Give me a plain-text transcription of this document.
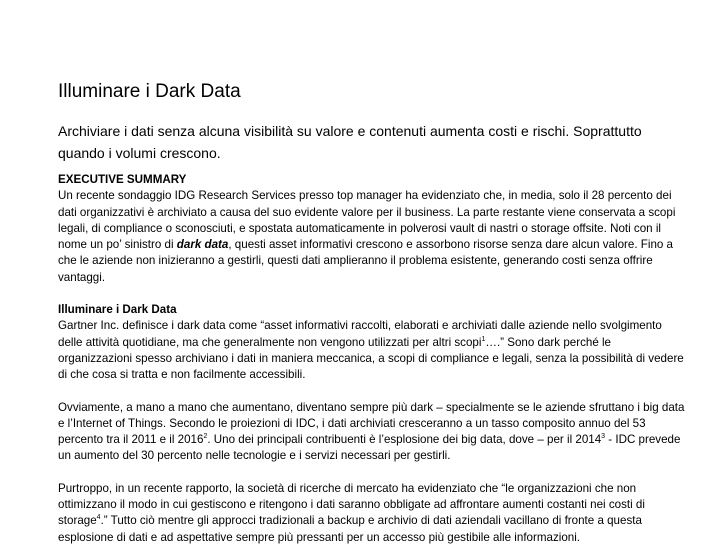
Illuminare i Dark Data
Archiviare i dati senza alcuna visibilità su valore e contenuti aumenta costi e rischi. Soprattutto quando i volumi crescono.
EXECUTIVE SUMMARY

Un recente sondaggio IDG Research Services presso top manager ha evidenziato che, in media, solo il 28 percento dei dati organizzativi è archiviato a causa del suo evidente valore per il business. La parte restante viene conservata a scopi legali, di compliance o sconosciuti, e spostata automaticamente in polverosi vault di nastri o storage offsite. Noti con il nome un po’ sinistro di dark data, questi asset informativi crescono e assorbono risorse senza dare alcun valore. Fino a che le aziende non inizieranno a gestirli, questi dati amplieranno il problema esistente, generando costi senza offrire vantaggi.

Illuminare i Dark Data

Gartner Inc. definisce i dark data come “asset informativi raccolti, elaborati e archiviati dalle aziende nello svolgimento delle attività quotidiane, ma che generalmente non vengono utilizzati per altri scopi$^1$….” Sono dark perché le organizzazioni spesso archiviano i dati in maniera meccanica, a scopi di compliance e legali, senza la possibilità di vedere di che cosa si tratta e non facilmente accessibili.

Ovviamente, a mano a mano che aumentano, diventano sempre più dark – specialmente se le aziende sfruttano i big data e l’Internet of Things. Secondo le proiezioni di IDC, i dati archiviati cresceranno a un tasso composito annuo del 53 percento tra il 2011 e il 2016$^2$. Uno dei principali contribuenti è l’esplosione dei big data, dove – per il 2014$^3$ - IDC prevede un aumento del 30 percento nelle tecnologie e i servizi necessari per gestirli.

Purtroppo, in un recente rapporto, la società di ricerche di mercato ha evidenziato che “le organizzazioni che non ottimizzano il modo in cui gestiscono e ritengono i dati saranno obbligate ad affrontare aumenti costanti nei costi di storage$^4$.” Tutto ciò mentre gli approcci tradizionali a backup e archivio di dati aziendali vacillano di fronte a questa esplosione di dati e ad aspettative sempre più pressanti per un accesso più gestibile alle informazioni.
